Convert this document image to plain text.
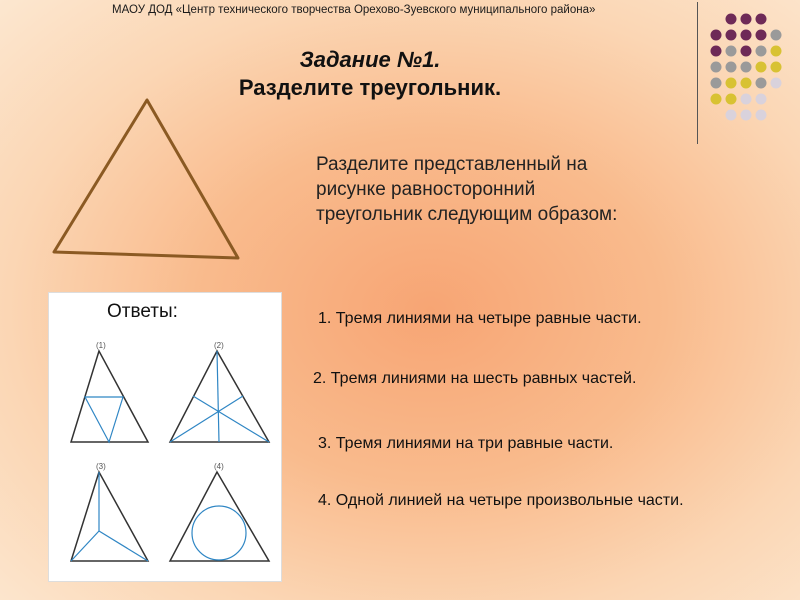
МАОУ ДОД «Центр технического творчества Орехово-Зуевского муниципального района»
Задание №1.
Разделите треугольник.
Разделите представленный на
рисунке равносторонний
треугольник следующим образом:
Ответы:
(1)	(2)
(3)	(4)
1. Тремя линиями на четыре равные части.
2. Тремя линиями на шесть равных частей.
3. Тремя линиями на три равные части.
4. Одной линией на четыре произвольные части.
